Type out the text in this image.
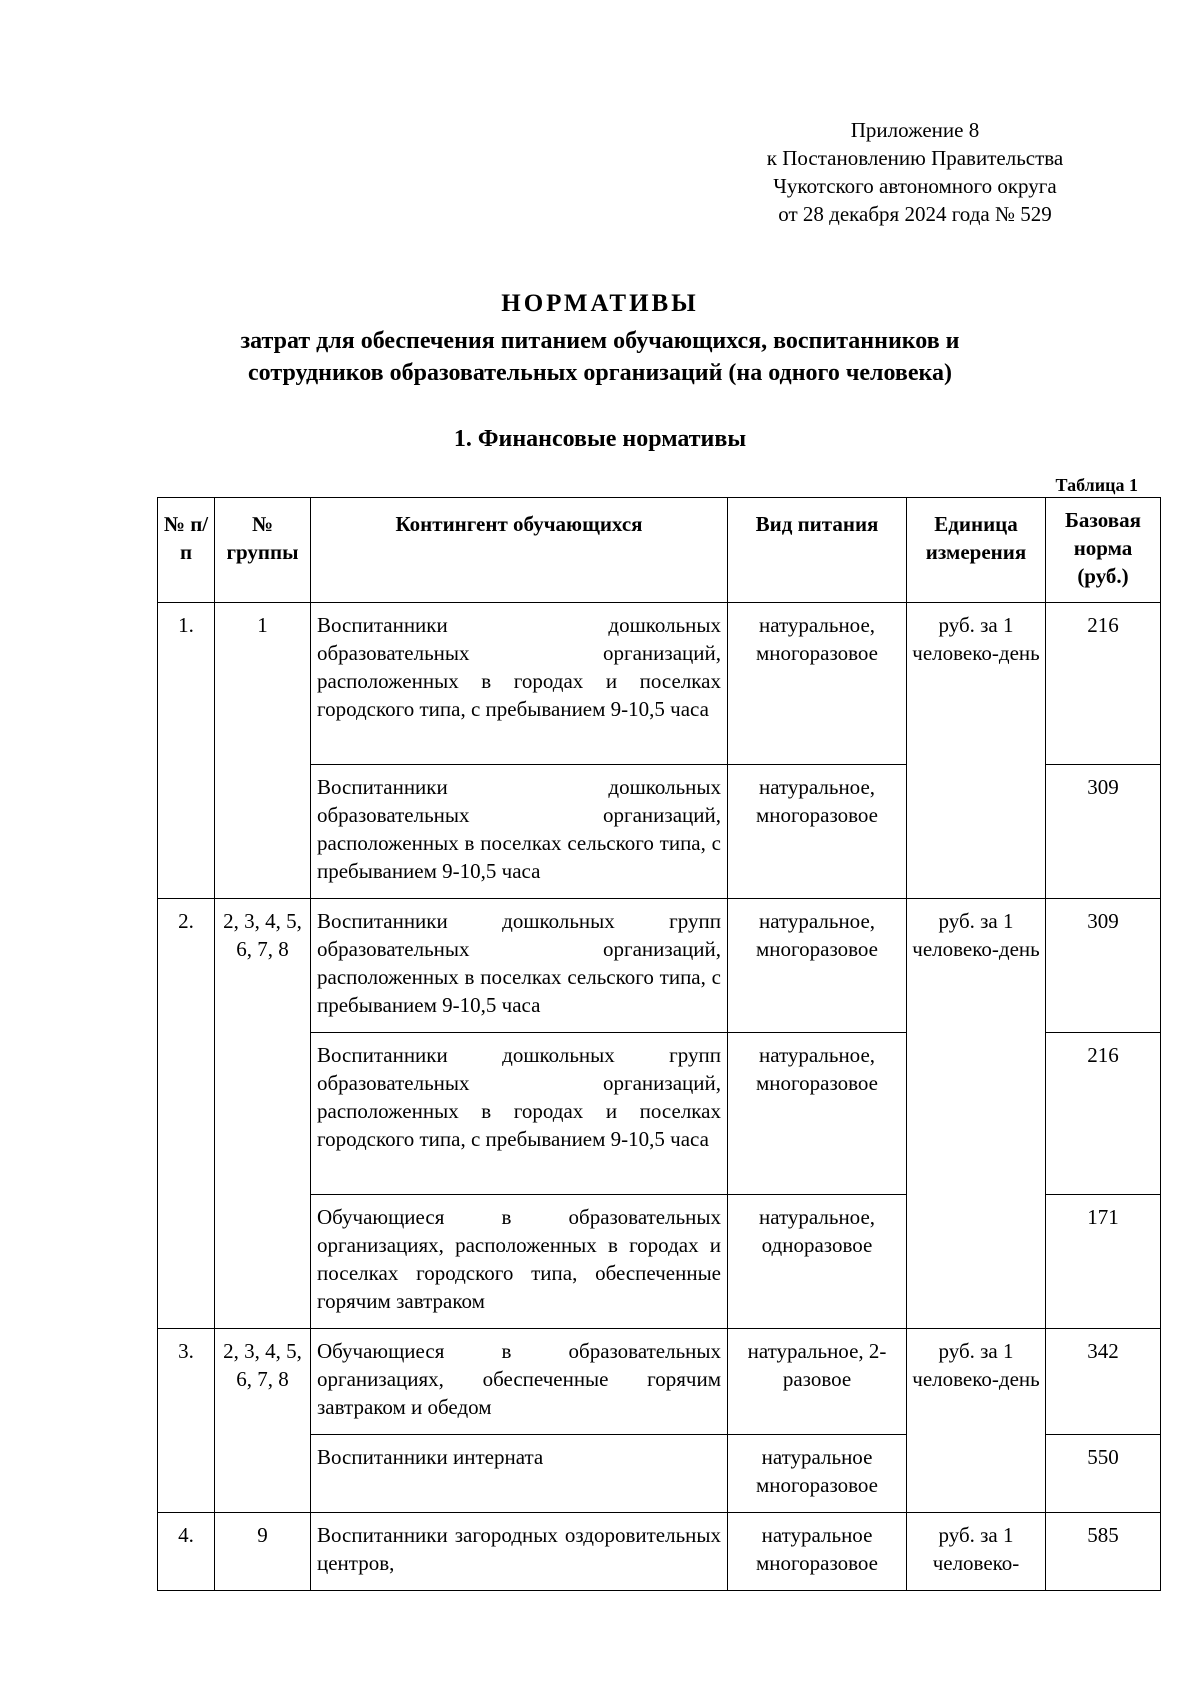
Приложение 8
к Постановлению Правительства
Чукотского автономного округа
от 28 декабря 2024 года № 529
НОРМАТИВЫ
затрат для обеспечения питанием обучающихся, воспитанников и
сотрудников образовательных организаций (на одного человека)
1. Финансовые нормативы
Таблица 1
№ п/п	№ группы	Контингент обучающихся	Вид питания	Единица измерения	Базовая норма (руб.)
1.	1	Воспитанники дошкольных образовательных организаций, расположенных в городах и поселках городского типа, с пребыванием 9-10,5 часа	натуральное, многоразовое	руб. за 1 человеко-день	216
		Воспитанники дошкольных образовательных организаций, расположенных в поселках сельского типа, с пребыванием 9-10,5 часа	натуральное, многоразовое		309
2.	2, 3, 4, 5, 6, 7, 8	Воспитанники дошкольных групп образовательных организаций, расположенных в поселках сельского типа, с пребыванием 9-10,5 часа	натуральное, многоразовое	руб. за 1 человеко-день	309
		Воспитанники дошкольных групп образовательных организаций, расположенных в городах и поселках городского типа, с пребыванием 9-10,5 часа	натуральное, многоразовое		216
		Обучающиеся в образовательных организациях, расположенных в городах и поселках городского типа, обеспеченные горячим завтраком	натуральное, одноразовое		171
3.	2, 3, 4, 5, 6, 7, 8	Обучающиеся в образовательных организациях, обеспеченные горячим завтраком и обедом	натуральное, 2-разовое	руб. за 1 человеко-день	342
		Воспитанники интерната	натуральное многоразовое		550
4.	9	Воспитанники загородных оздоровительных центров,	натуральное многоразовое	руб. за 1 человеко-	585
